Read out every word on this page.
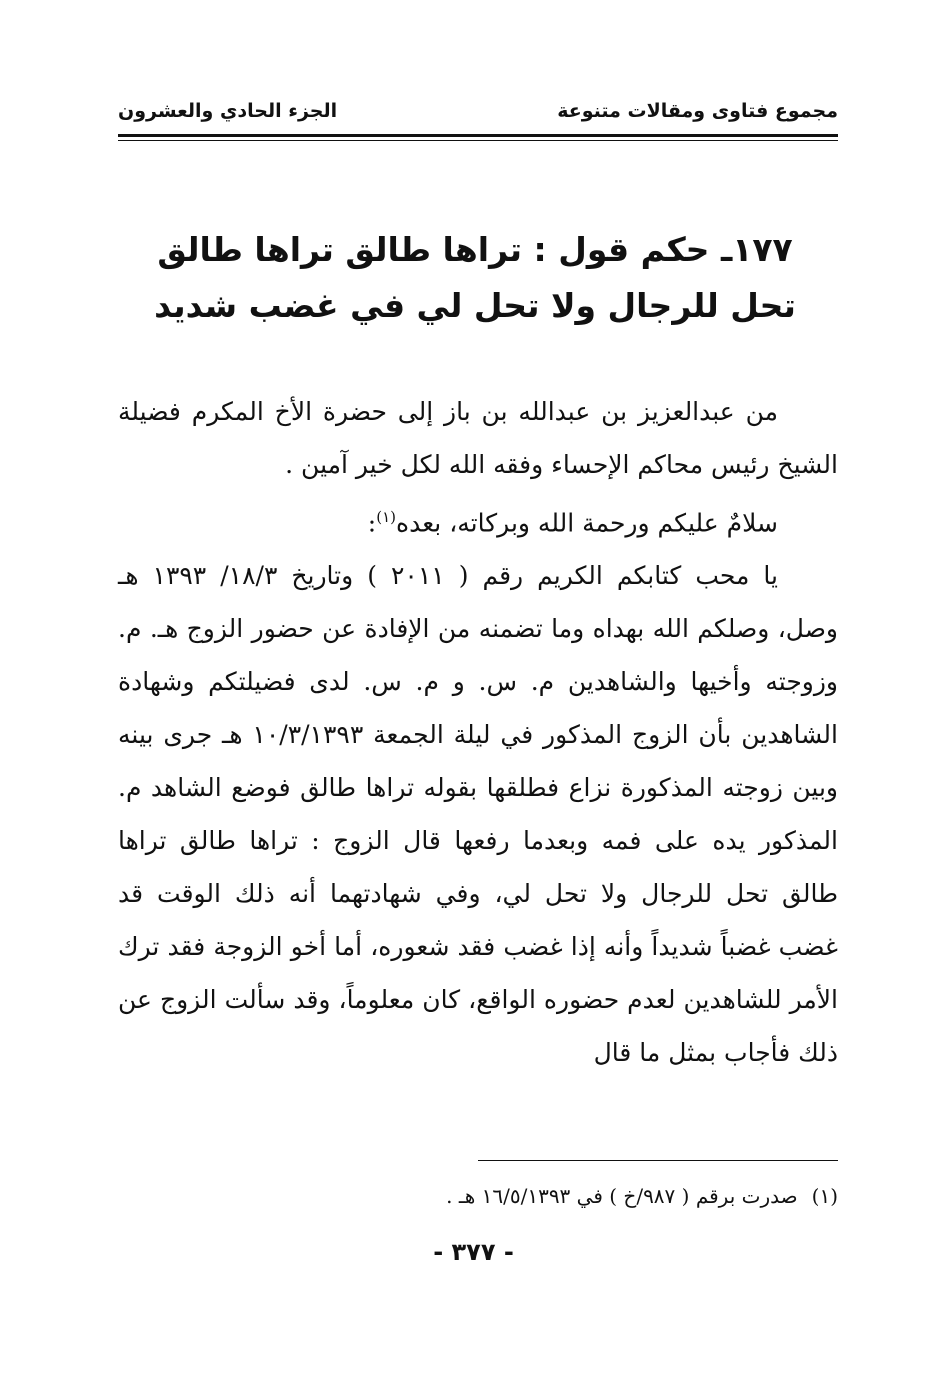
مجموع فتاوى ومقالات متنوعة
الجزء الحادي والعشرون
١٧٧ـ حكم قول : تراها طالق تراها طالق
تحل للرجال ولا تحل لي في غضب شديد

من عبدالعزيز بن عبدالله بن باز إلى حضرة الأخ المكرم فضيلة الشيخ رئيس محاكم الإحساء وفقه الله لكل خير آمين .

سلامٌ عليكم ورحمة الله وبركاته، بعده$^{(١)}$:

يا محب كتابكم الكريم رقم ( ٢٠١١ ) وتاريخ ١٨/٣/ ١٣٩٣ هـ وصل، وصلكم الله بهداه وما تضمنه من الإفادة عن حضور الزوج هـ. م. وزوجته وأخيها والشاهدين م. س. و م. س. لدى فضيلتكم وشهادة الشاهدين بأن الزوج المذكور في ليلة الجمعة ١٠/٣/١٣٩٣ هـ جرى بينه وبين زوجته المذكورة نزاع فطلقها بقوله تراها طالق فوضع الشاهد م. المذكور يده على فمه وبعدما رفعها قال الزوج : تراها طالق تراها طالق تحل للرجال ولا تحل لي، وفي شهادتهما أنه ذلك الوقت قد غضب غضباً شديداً وأنه إذا غضب فقد شعوره، أما أخو الزوجة فقد ترك الأمر للشاهدين لعدم حضوره الواقع، كان معلوماً، وقد سألت الزوج عن ذلك فأجاب بمثل ما قال

(١)صدرت برقم ( ٩٨٧/خ ) في ١٦/٥/١٣٩٣ هـ .
- ٣٧٧ -
